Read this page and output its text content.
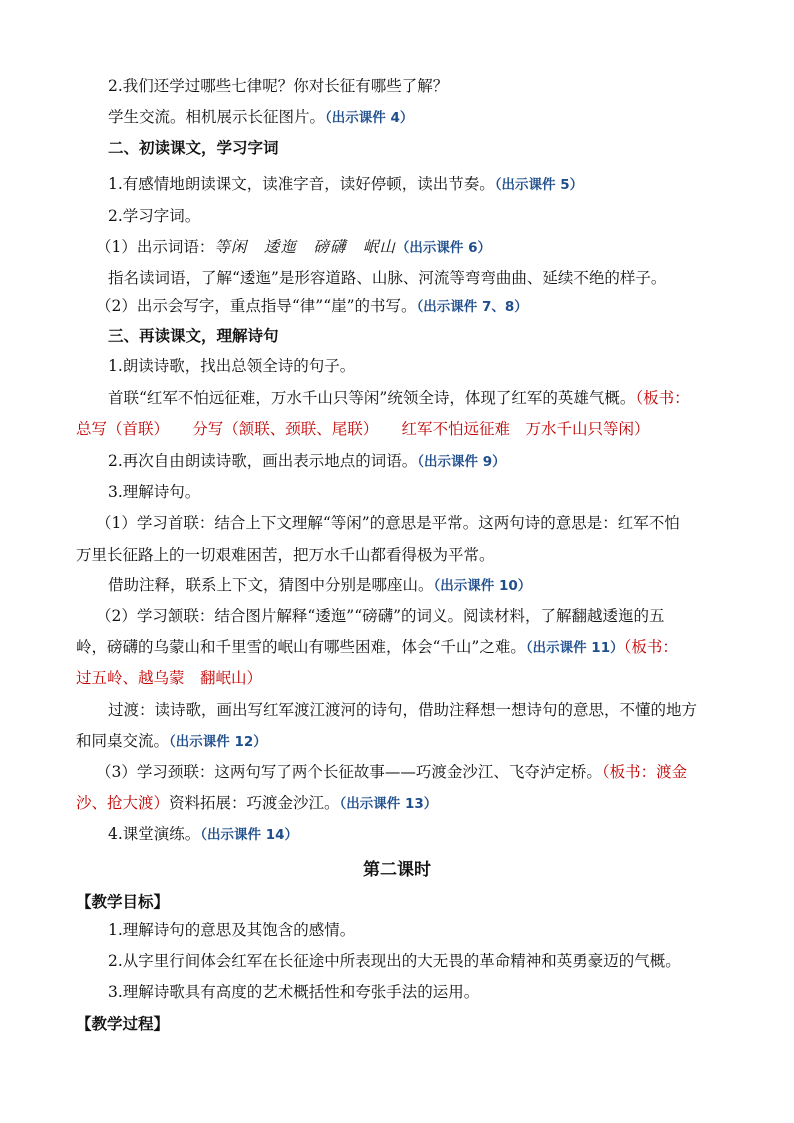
2.我们还学过哪些七律呢？你对长征有哪些了解？
学生交流。相机展示长征图片。（出示课件 4）
二、初读课文，学习字词
1.有感情地朗读课文，读准字音，读好停顿，读出节奏。（出示课件 5）
2.学习字词。
（1）出示词语：等闲　逶迤　磅礴　岷山（出示课件 6）
指名读词语，了解“逶迤”是形容道路、山脉、河流等弯弯曲曲、延续不绝的样子。
（2）出示会写字，重点指导“律”“崖”的书写。（出示课件 7、8）
三、再读课文，理解诗句
1.朗读诗歌，找出总领全诗的句子。
首联“红军不怕远征难，万水千山只等闲”统领全诗，体现了红军的英雄气概。（板书：
总写（首联）　　分写（颔联、颈联、尾联）　　红军不怕远征难　万水千山只等闲）
2.再次自由朗读诗歌，画出表示地点的词语。（出示课件 9）
3.理解诗句。
（1）学习首联：结合上下文理解“等闲”的意思是平常。这两句诗的意思是：红军不怕
万里长征路上的一切艰难困苦，把万水千山都看得极为平常。
借助注释，联系上下文，猜图中分别是哪座山。（出示课件 10）
（2）学习颔联：结合图片解释“逶迤”“磅礴”的词义。阅读材料，了解翻越逶迤的五
岭，磅礴的乌蒙山和千里雪的岷山有哪些困难，体会“千山”之难。（出示课件 11）（板书：
过五岭、越乌蒙　翻岷山）
过渡：读诗歌，画出写红军渡江渡河的诗句，借助注释想一想诗句的意思，不懂的地方
和同桌交流。（出示课件 12）
（3）学习颈联：这两句写了两个长征故事——巧渡金沙江、飞夺泸定桥。（板书：渡金
沙、抢大渡）资料拓展：巧渡金沙江。（出示课件 13）
4.课堂演练。（出示课件 14）
第二课时
【教学目标】
1.理解诗句的意思及其饱含的感情。
2.从字里行间体会红军在长征途中所表现出的大无畏的革命精神和英勇豪迈的气概。
3.理解诗歌具有高度的艺术概括性和夸张手法的运用。
【教学过程】
